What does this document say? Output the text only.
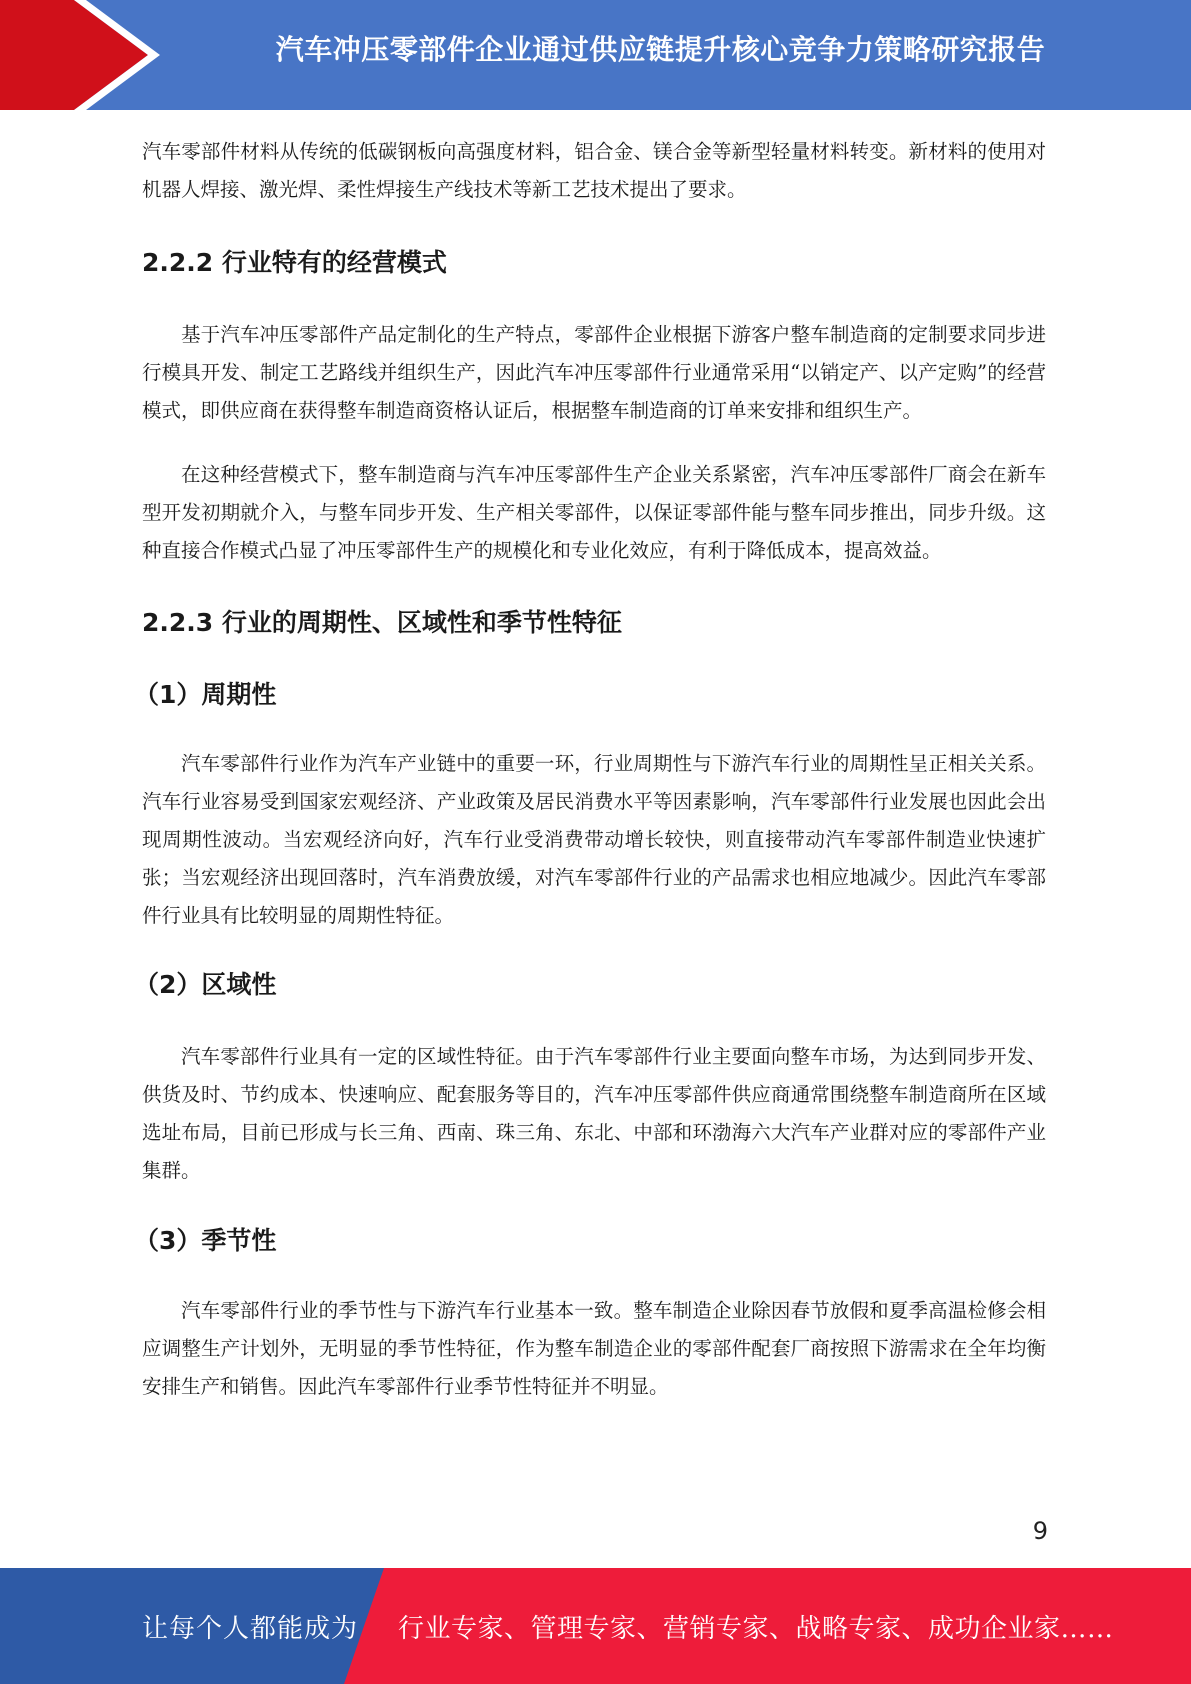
汽车冲压零部件企业通过供应链提升核心竞争力策略研究报告

汽车零部件材料从传统的低碳钢板向高强度材料，铝合金、镁合金等新型轻量材料转变。新材料的使用对机器人焊接、激光焊、柔性焊接生产线技术等新工艺技术提出了要求。

2.2.2 行业特有的经营模式

基于汽车冲压零部件产品定制化的生产特点，零部件企业根据下游客户整车制造商的定制要求同步进行模具开发、制定工艺路线并组织生产，因此汽车冲压零部件行业通常采用“以销定产、以产定购”的经营模式，即供应商在获得整车制造商资格认证后，根据整车制造商的订单来安排和组织生产。

在这种经营模式下，整车制造商与汽车冲压零部件生产企业关系紧密，汽车冲压零部件厂商会在新车型开发初期就介入，与整车同步开发、生产相关零部件，以保证零部件能与整车同步推出，同步升级。这种直接合作模式凸显了冲压零部件生产的规模化和专业化效应，有利于降低成本，提高效益。

2.2.3 行业的周期性、区域性和季节性特征
（1）周期性

汽车零部件行业作为汽车产业链中的重要一环，行业周期性与下游汽车行业的周期性呈正相关关系。汽车行业容易受到国家宏观经济、产业政策及居民消费水平等因素影响，汽车零部件行业发展也因此会出现周期性波动。当宏观经济向好，汽车行业受消费带动增长较快，则直接带动汽车零部件制造业快速扩张；当宏观经济出现回落时，汽车消费放缓，对汽车零部件行业的产品需求也相应地减少。因此汽车零部件行业具有比较明显的周期性特征。

（2）区域性

汽车零部件行业具有一定的区域性特征。由于汽车零部件行业主要面向整车市场，为达到同步开发、供货及时、节约成本、快速响应、配套服务等目的，汽车冲压零部件供应商通常围绕整车制造商所在区域选址布局，目前已形成与长三角、西南、珠三角、东北、中部和环渤海六大汽车产业群对应的零部件产业集群。

（3）季节性

汽车零部件行业的季节性与下游汽车行业基本一致。整车制造企业除因春节放假和夏季高温检修会相应调整生产计划外，无明显的季节性特征，作为整车制造企业的零部件配套厂商按照下游需求在全年均衡安排生产和销售。因此汽车零部件行业季节性特征并不明显。

9
让每个人都能成为 行业专家、管理专家、营销专家、战略专家、成功企业家……
